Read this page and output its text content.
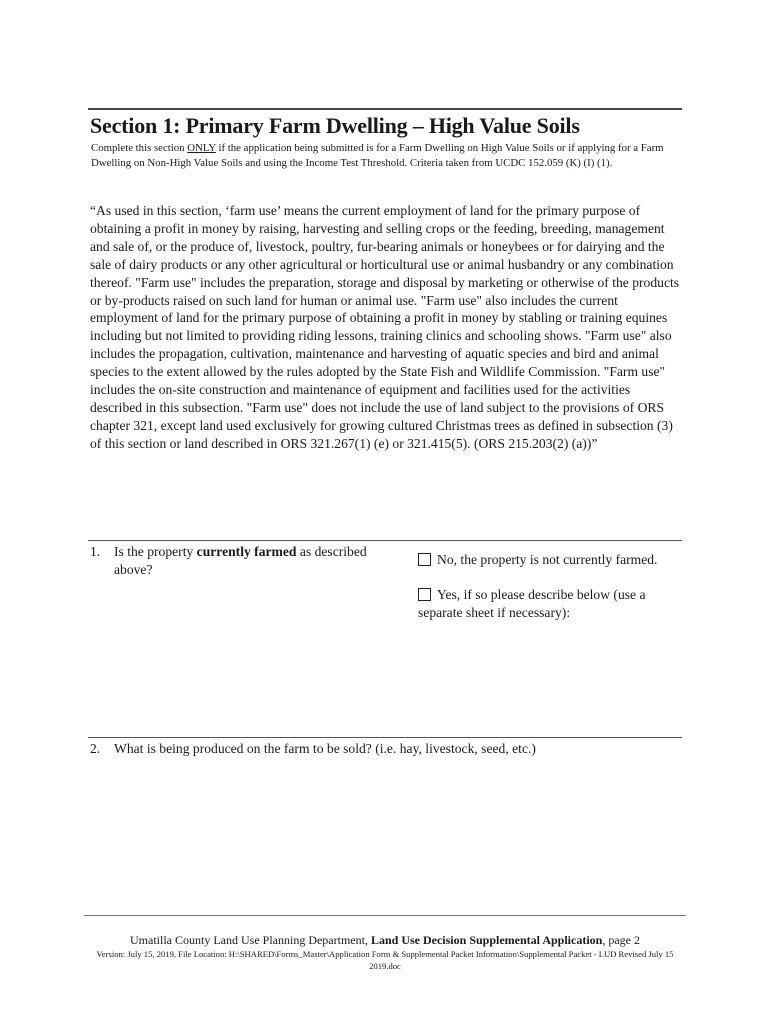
Section 1: Primary Farm Dwelling – High Value Soils
Complete this section ONLY if the application being submitted is for a Farm Dwelling on High Value Soils or if applying for a Farm Dwelling on Non-High Value Soils and using the Income Test Threshold. Criteria taken from UCDC 152.059 (K) (I) (1).
“As used in this section, ‘farm use’ means the current employment of land for the primary purpose of obtaining a profit in money by raising, harvesting and selling crops or the feeding, breeding, management and sale of, or the produce of, livestock, poultry, fur-bearing animals or honeybees or for dairying and the sale of dairy products or any other agricultural or horticultural use or animal husbandry or any combination thereof. "Farm use" includes the preparation, storage and disposal by marketing or otherwise of the products or by-products raised on such land for human or animal use. "Farm use" also includes the current employment of land for the primary purpose of obtaining a profit in money by stabling or training equines including but not limited to providing riding lessons, training clinics and schooling shows. "Farm use" also includes the propagation, cultivation, maintenance and harvesting of aquatic species and bird and animal species to the extent allowed by the rules adopted by the State Fish and Wildlife Commission. "Farm use" includes the on-site construction and maintenance of equipment and facilities used for the activities described in this subsection. "Farm use" does not include the use of land subject to the provisions of ORS chapter 321, except land used exclusively for growing cultured Christmas trees as defined in subsection (3) of this section or land described in ORS 321.267(1) (e) or 321.415(5). (ORS 215.203(2) (a))”
1. Is the property currently farmed as described above?
No, the property is not currently farmed.
Yes, if so please describe below (use a separate sheet if necessary):
2. What is being produced on the farm to be sold? (i.e. hay, livestock, seed, etc.)
Umatilla County Land Use Planning Department, Land Use Decision Supplemental Application, page 2
Version: July 15, 2019, File Location: H:\SHARED\Forms_Master\Application Form & Supplemental Packet Information\Supplemental Packet - LUD Revised July 15 2019.doc
